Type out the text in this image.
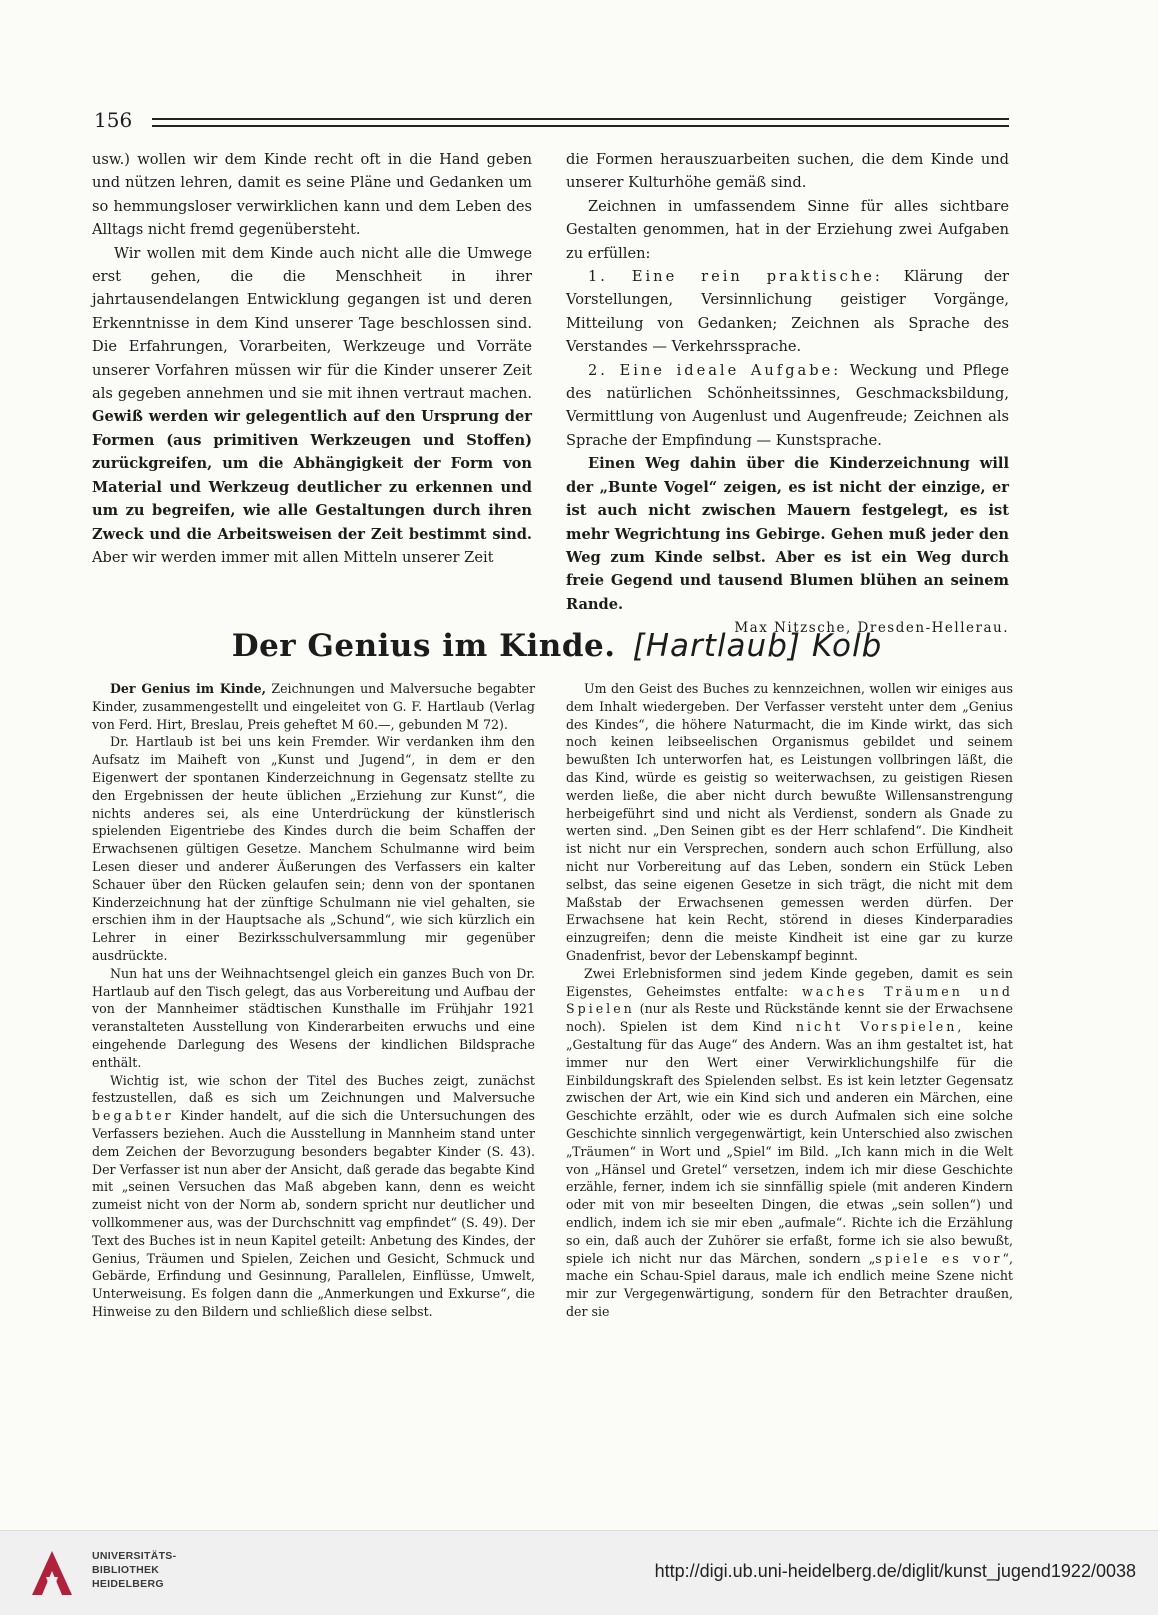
156

usw.) wollen wir dem Kinde recht oft in die Hand geben und nützen lehren, damit es seine Pläne und Gedanken um so hemmungsloser verwirklichen kann und dem Leben des Alltags nicht fremd gegenübersteht.

Wir wollen mit dem Kinde auch nicht alle die Umwege erst gehen, die die Menschheit in ihrer jahrtausendelangen Entwicklung gegangen ist und deren Erkenntnisse in dem Kind unserer Tage beschlossen sind. Die Erfahrungen, Vorarbeiten, Werkzeuge und Vorräte unserer Vorfahren müssen wir für die Kinder unserer Zeit als gegeben annehmen und sie mit ihnen vertraut machen. Gewiß werden wir gelegentlich auf den Ursprung der Formen (aus primitiven Werkzeugen und Stoffen) zurückgreifen, um die Abhängigkeit der Form von Material und Werkzeug deutlicher zu erkennen und um zu begreifen, wie alle Gestaltungen durch ihren Zweck und die Arbeitsweisen der Zeit bestimmt sind. Aber wir werden immer mit allen Mitteln unserer Zeit

die Formen herauszuarbeiten suchen, die dem Kinde und unserer Kulturhöhe gemäß sind.

Zeichnen in umfassendem Sinne für alles sichtbare Gestalten genommen, hat in der Erziehung zwei Aufgaben zu erfüllen:

1. Eine rein praktische: Klärung der Vorstellungen, Versinnlichung geistiger Vorgänge, Mitteilung von Gedanken; Zeichnen als Sprache des Verstandes — Verkehrssprache.

2. Eine ideale Aufgabe: Weckung und Pflege des natürlichen Schönheitssinnes, Geschmacksbildung, Vermittlung von Augenlust und Augenfreude; Zeichnen als Sprache der Empfindung — Kunstsprache.

Einen Weg dahin über die Kinderzeichnung will der „Bunte Vogel“ zeigen, es ist nicht der einzige, er ist auch nicht zwischen Mauern festgelegt, es ist mehr Wegrichtung ins Gebirge. Gehen muß jeder den Weg zum Kinde selbst. Aber es ist ein Weg durch freie Gegend und tausend Blumen blühen an seinem Rande.

Max Nitzsche, Dresden-Hellerau.

Der Genius im Kinde. [Hartlaub] Kolb

Der Genius im Kinde, Zeichnungen und Malversuche begabter Kinder, zusammengestellt und eingeleitet von G. F. Hartlaub (Verlag von Ferd. Hirt, Breslau, Preis geheftet M 60.—, gebunden M 72).

Dr. Hartlaub ist bei uns kein Fremder. Wir verdanken ihm den Aufsatz im Maiheft von „Kunst und Jugend“, in dem er den Eigenwert der spontanen Kinderzeichnung in Gegensatz stellte zu den Ergebnissen der heute üblichen „Erziehung zur Kunst“, die nichts anderes sei, als eine Unterdrückung der künstlerisch spielenden Eigentriebe des Kindes durch die beim Schaffen der Erwachsenen gültigen Gesetze. Manchem Schulmanne wird beim Lesen dieser und anderer Äußerungen des Verfassers ein kalter Schauer über den Rücken gelaufen sein; denn von der spontanen Kinderzeichnung hat der zünftige Schulmann nie viel gehalten, sie erschien ihm in der Hauptsache als „Schund“, wie sich kürzlich ein Lehrer in einer Bezirksschulversammlung mir gegenüber ausdrückte.

Nun hat uns der Weihnachtsengel gleich ein ganzes Buch von Dr. Hartlaub auf den Tisch gelegt, das aus Vorbereitung und Aufbau der von der Mannheimer städtischen Kunsthalle im Frühjahr 1921 veranstalteten Ausstellung von Kinderarbeiten erwuchs und eine eingehende Darlegung des Wesens der kindlichen Bildsprache enthält.

Wichtig ist, wie schon der Titel des Buches zeigt, zunächst festzustellen, daß es sich um Zeichnungen und Malversuche begabter Kinder handelt, auf die sich die Untersuchungen des Verfassers beziehen. Auch die Ausstellung in Mannheim stand unter dem Zeichen der Bevorzugung besonders begabter Kinder (S. 43). Der Verfasser ist nun aber der Ansicht, daß gerade das begabte Kind mit „seinen Versuchen das Maß abgeben kann, denn es weicht zumeist nicht von der Norm ab, sondern spricht nur deutlicher und vollkommener aus, was der Durchschnitt vag empfindet“ (S. 49). Der Text des Buches ist in neun Kapitel geteilt: Anbetung des Kindes, der Genius, Träumen und Spielen, Zeichen und Gesicht, Schmuck und Gebärde, Erfindung und Gesinnung, Parallelen, Einflüsse, Umwelt, Unterweisung. Es folgen dann die „Anmerkungen und Exkurse“, die Hinweise zu den Bildern und schließlich diese selbst.

Um den Geist des Buches zu kennzeichnen, wollen wir einiges aus dem Inhalt wiedergeben. Der Verfasser versteht unter dem „Genius des Kindes“, die höhere Naturmacht, die im Kinde wirkt, das sich noch keinen leibseelischen Organismus gebildet und seinem bewußten Ich unterworfen hat, es Leistungen vollbringen läßt, die das Kind, würde es geistig so weiterwachsen, zu geistigen Riesen werden ließe, die aber nicht durch bewußte Willensanstrengung herbeigeführt sind und nicht als Verdienst, sondern als Gnade zu werten sind. „Den Seinen gibt es der Herr schlafend“. Die Kindheit ist nicht nur ein Versprechen, sondern auch schon Erfüllung, also nicht nur Vorbereitung auf das Leben, sondern ein Stück Leben selbst, das seine eigenen Gesetze in sich trägt, die nicht mit dem Maßstab der Erwachsenen gemessen werden dürfen. Der Erwachsene hat kein Recht, störend in dieses Kinderparadies einzugreifen; denn die meiste Kindheit ist eine gar zu kurze Gnadenfrist, bevor der Lebenskampf beginnt.

Zwei Erlebnisformen sind jedem Kinde gegeben, damit es sein Eigenstes, Geheimstes entfalte: waches Träumen und Spielen (nur als Reste und Rückstände kennt sie der Erwachsene noch). Spielen ist dem Kind nicht Vorspielen, keine „Gestaltung für das Auge“ des Andern. Was an ihm gestaltet ist, hat immer nur den Wert einer Verwirklichungshilfe für die Einbildungskraft des Spielenden selbst. Es ist kein letzter Gegensatz zwischen der Art, wie ein Kind sich und anderen ein Märchen, eine Geschichte erzählt, oder wie es durch Aufmalen sich eine solche Geschichte sinnlich vergegenwärtigt, kein Unterschied also zwischen „Träumen“ in Wort und „Spiel“ im Bild. „Ich kann mich in die Welt von „Hänsel und Gretel“ versetzen, indem ich mir diese Geschichte erzähle, ferner, indem ich sie sinnfällig spiele (mit anderen Kindern oder mit von mir beseelten Dingen, die etwas „sein sollen“) und endlich, indem ich sie mir eben „aufmale“. Richte ich die Erzählung so ein, daß auch der Zuhörer sie erfaßt, forme ich sie also bewußt, spiele ich nicht nur das Märchen, sondern „spiele es vor“, mache ein Schau-Spiel daraus, male ich endlich meine Szene nicht mir zur Vergegenwärtigung, sondern für den Betrachter draußen, der sie

UNIVERSITÄTS-
BIBLIOTHEK
HEIDELBERG
http://digi.ub.uni-heidelberg.de/diglit/kunst_jugend1922/0038
